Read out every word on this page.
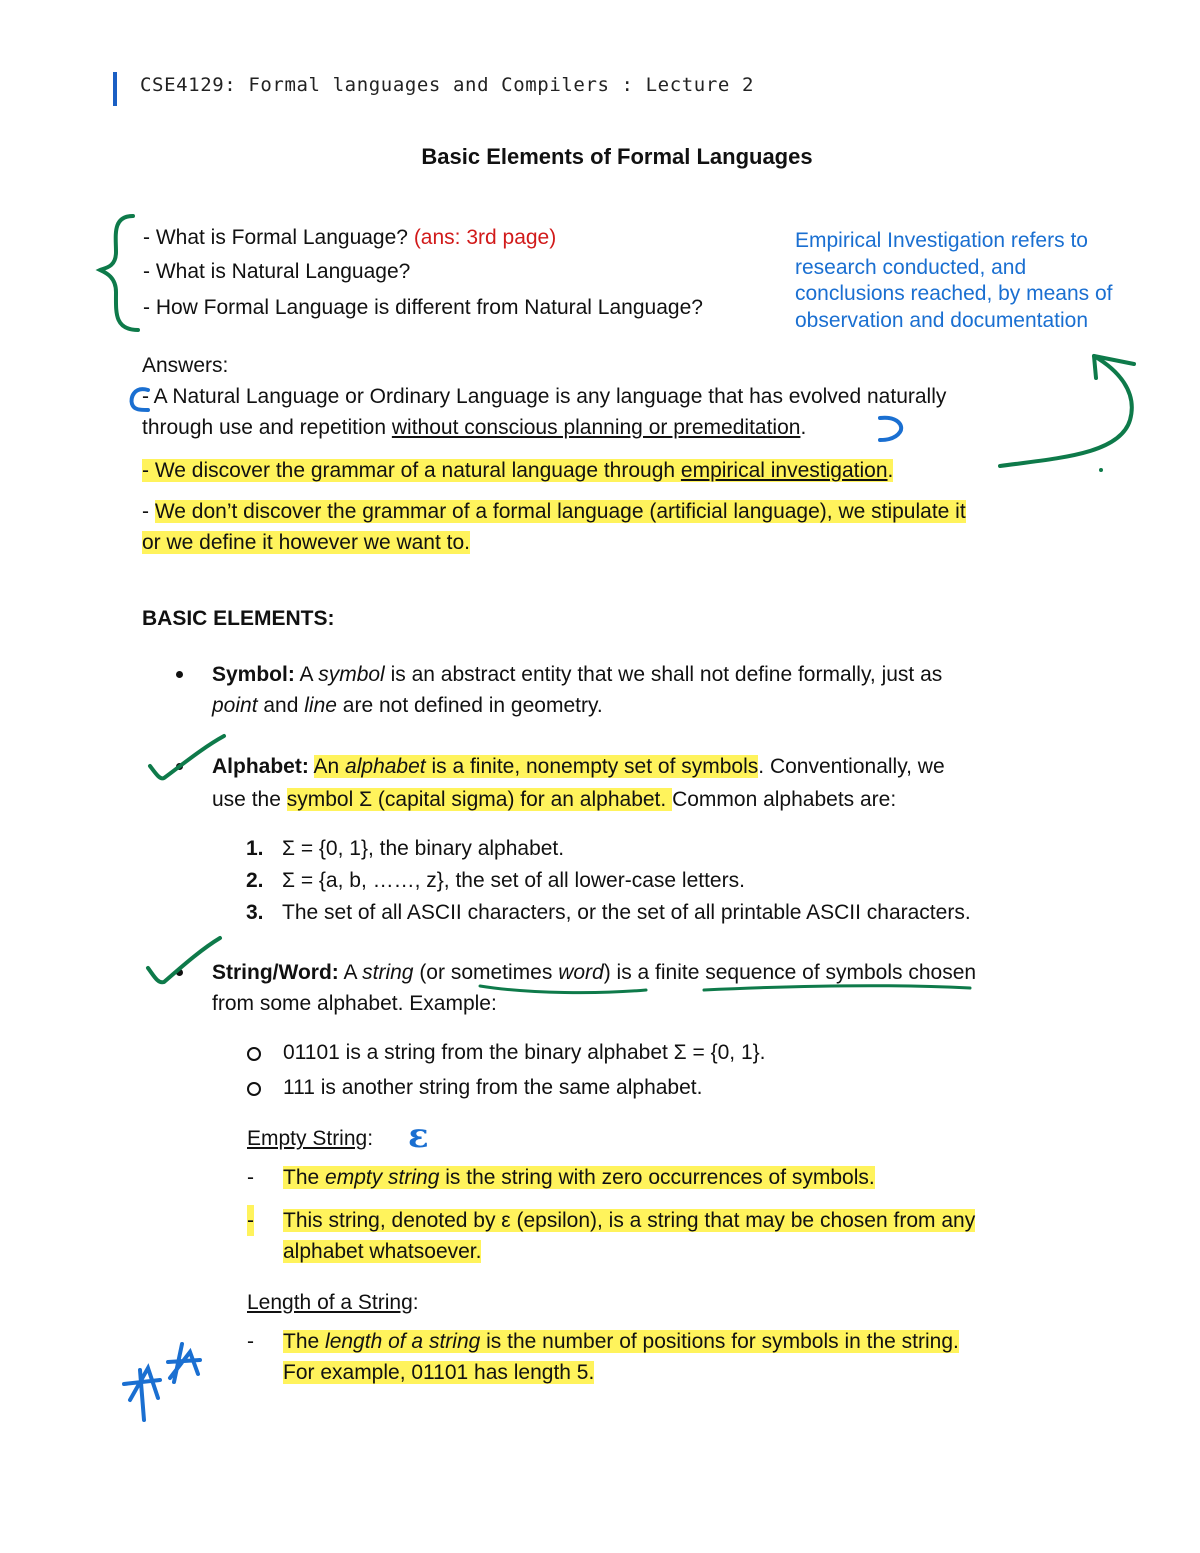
CSE4129: Formal languages and Compilers : Lecture 2
Basic Elements of Formal Languages
- What is Formal Language? (ans: 3rd page)
- What is Natural Language?
- How Formal Language is different from Natural Language?
Empirical Investigation refers to
research conducted, and
conclusions reached, by means of
observation and documentation
Answers:
- A Natural Language or Ordinary Language is any language that has evolved naturally
through use and repetition without conscious planning or premeditation.
- We discover the grammar of a natural language through empirical investigation.
- We don’t discover the grammar of a formal language (artificial language), we stipulate it
or we define it however we want to.
BASIC ELEMENTS:
Symbol: A symbol is an abstract entity that we shall not define formally, just as
point and line are not defined in geometry.
Alphabet: An alphabet is a finite, nonempty set of symbols. Conventionally, we
use the symbol Σ (capital sigma) for an alphabet. Common alphabets are:
1. Σ = {0, 1}, the binary alphabet.
2. Σ = {a, b, ……, z}, the set of all lower-case letters.
3. The set of all ASCII characters, or the set of all printable ASCII characters.
String/Word: A string (or sometimes word) is a finite sequence of symbols chosen
from some alphabet. Example:
01101 is a string from the binary alphabet Σ = {0, 1}.
111 is another string from the same alphabet.
Empty String: ε
- The empty string is the string with zero occurrences of symbols.
- This string, denoted by ε (epsilon), is a string that may be chosen from any
alphabet whatsoever.
Length of a String:
- The length of a string is the number of positions for symbols in the string.
For example, 01101 has length 5.
